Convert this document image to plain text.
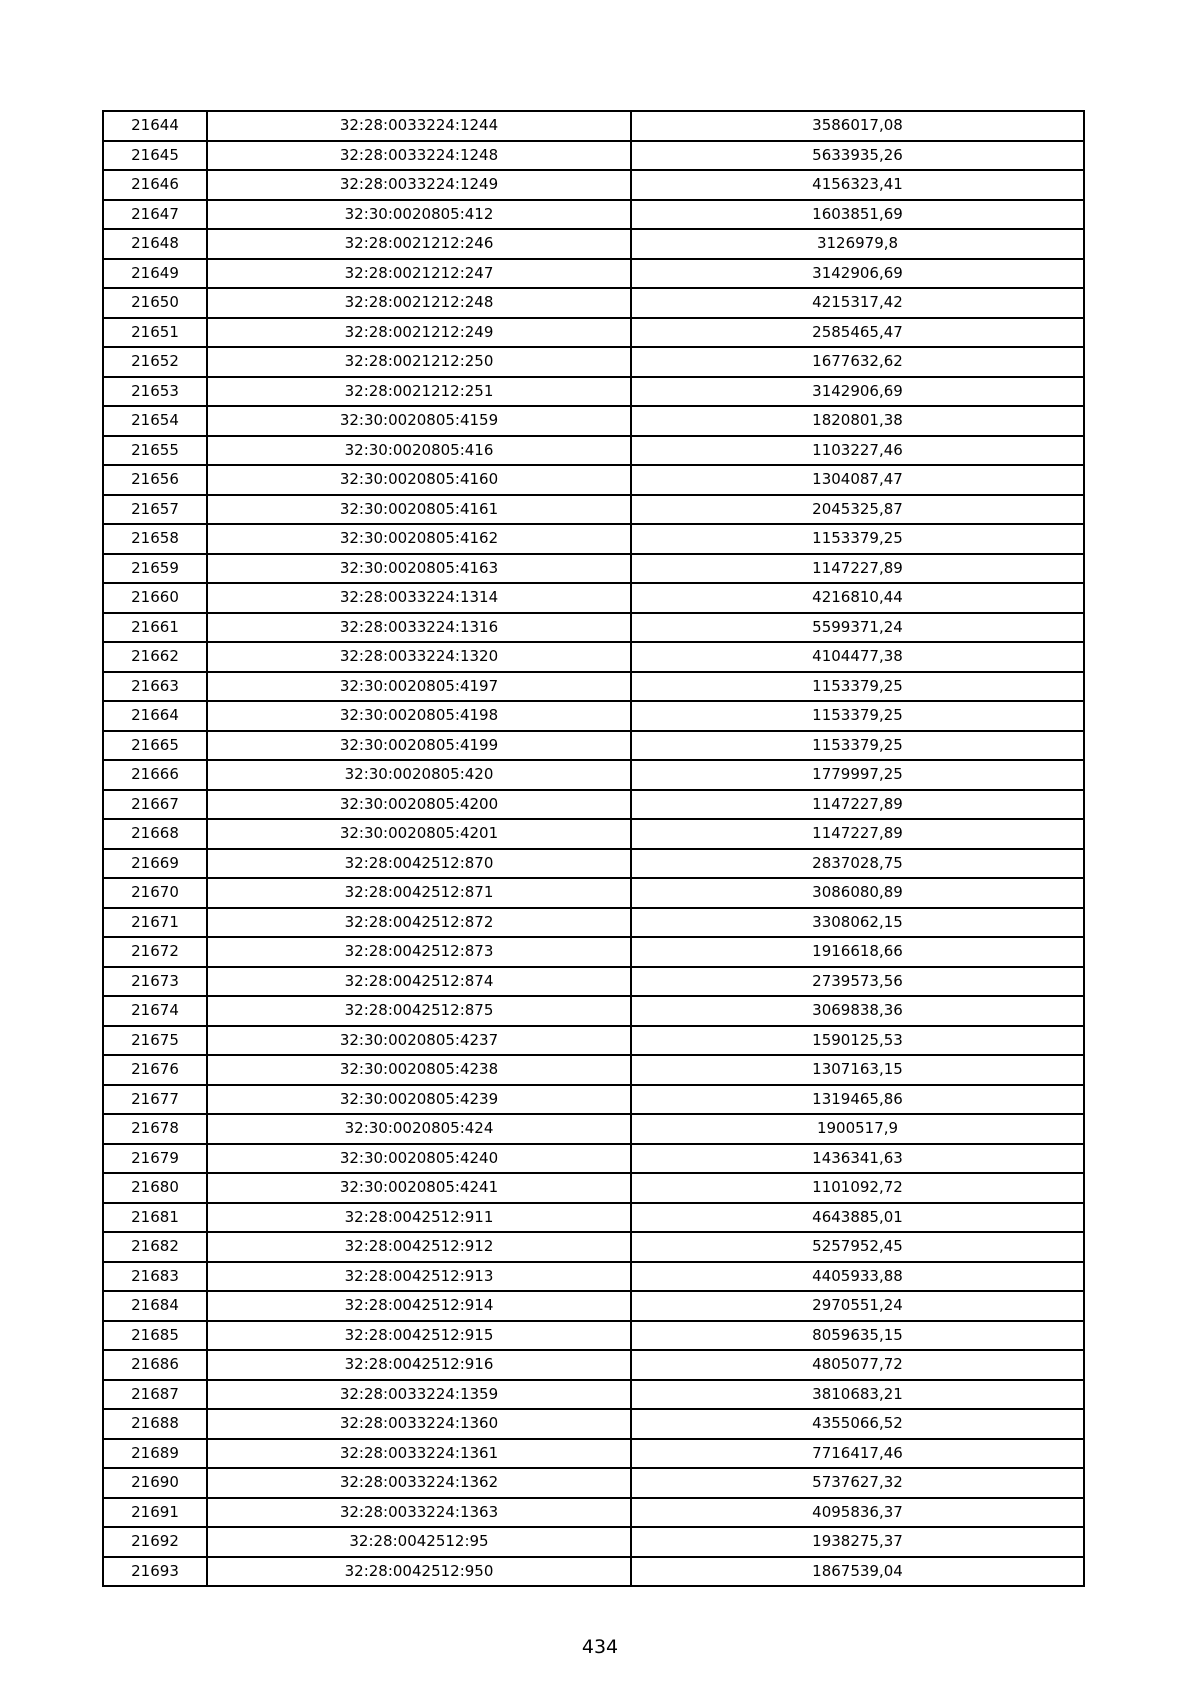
21644	32:28:0033224:1244	3586017,08
21645	32:28:0033224:1248	5633935,26
21646	32:28:0033224:1249	4156323,41
21647	32:30:0020805:412	1603851,69
21648	32:28:0021212:246	3126979,8
21649	32:28:0021212:247	3142906,69
21650	32:28:0021212:248	4215317,42
21651	32:28:0021212:249	2585465,47
21652	32:28:0021212:250	1677632,62
21653	32:28:0021212:251	3142906,69
21654	32:30:0020805:4159	1820801,38
21655	32:30:0020805:416	1103227,46
21656	32:30:0020805:4160	1304087,47
21657	32:30:0020805:4161	2045325,87
21658	32:30:0020805:4162	1153379,25
21659	32:30:0020805:4163	1147227,89
21660	32:28:0033224:1314	4216810,44
21661	32:28:0033224:1316	5599371,24
21662	32:28:0033224:1320	4104477,38
21663	32:30:0020805:4197	1153379,25
21664	32:30:0020805:4198	1153379,25
21665	32:30:0020805:4199	1153379,25
21666	32:30:0020805:420	1779997,25
21667	32:30:0020805:4200	1147227,89
21668	32:30:0020805:4201	1147227,89
21669	32:28:0042512:870	2837028,75
21670	32:28:0042512:871	3086080,89
21671	32:28:0042512:872	3308062,15
21672	32:28:0042512:873	1916618,66
21673	32:28:0042512:874	2739573,56
21674	32:28:0042512:875	3069838,36
21675	32:30:0020805:4237	1590125,53
21676	32:30:0020805:4238	1307163,15
21677	32:30:0020805:4239	1319465,86
21678	32:30:0020805:424	1900517,9
21679	32:30:0020805:4240	1436341,63
21680	32:30:0020805:4241	1101092,72
21681	32:28:0042512:911	4643885,01
21682	32:28:0042512:912	5257952,45
21683	32:28:0042512:913	4405933,88
21684	32:28:0042512:914	2970551,24
21685	32:28:0042512:915	8059635,15
21686	32:28:0042512:916	4805077,72
21687	32:28:0033224:1359	3810683,21
21688	32:28:0033224:1360	4355066,52
21689	32:28:0033224:1361	7716417,46
21690	32:28:0033224:1362	5737627,32
21691	32:28:0033224:1363	4095836,37
21692	32:28:0042512:95	1938275,37
21693	32:28:0042512:950	1867539,04
434
